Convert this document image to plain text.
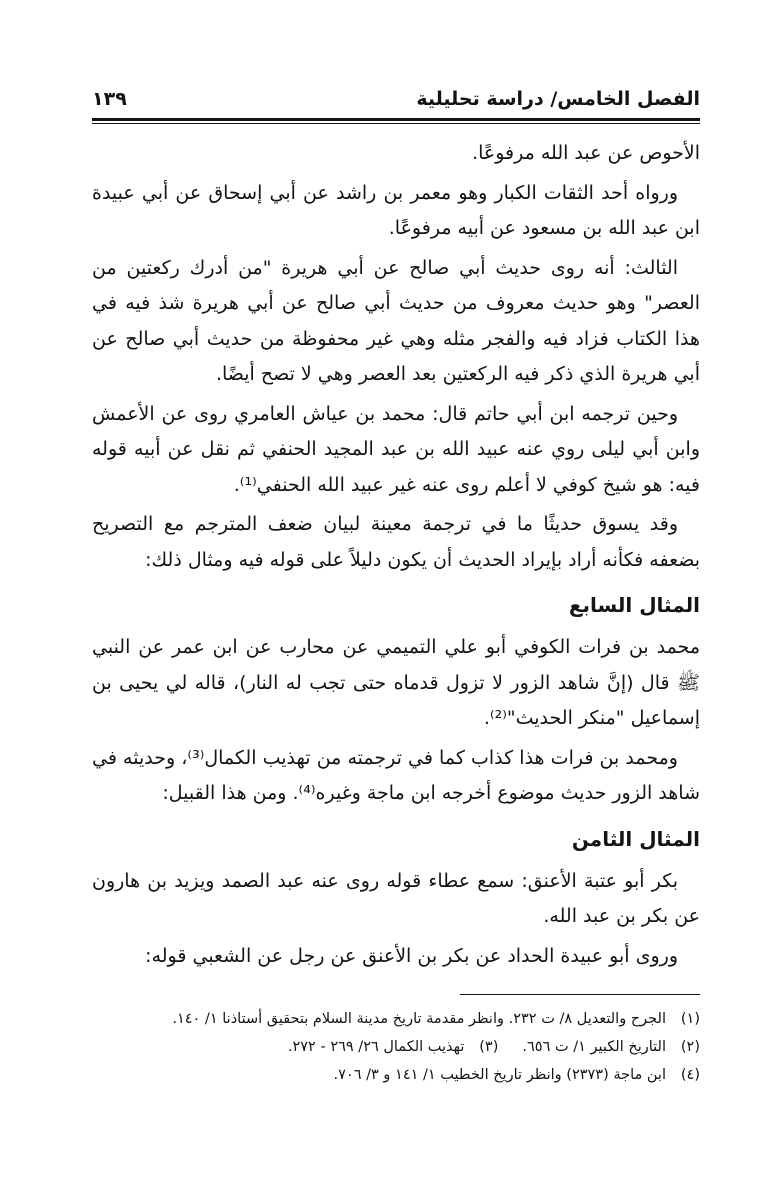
الفصل الخامس/ دراسة تحليلية
١٣٩

الأحوص عن عبد الله مرفوعًا.

ورواه أحد الثقات الكبار وهو معمر بن راشد عن أبي إسحاق عن أبي عبيدة ابن عبد الله بن مسعود عن أبيه مرفوعًا.

الثالث: أنه روى حديث أبي صالح عن أبي هريرة "من أدرك ركعتين من العصر" وهو حديث معروف من حديث أبي صالح عن أبي هريرة شذ فيه في هذا الكتاب فزاد فيه والفجر مثله وهي غير محفوظة من حديث أبي صالح عن أبي هريرة الذي ذكر فيه الركعتين بعد العصر وهي لا تصح أيضًا.

وحين ترجمه ابن أبي حاتم قال: محمد بن عياش العامري روى عن الأعمش وابن أبي ليلى روي عنه عبيد الله بن عبد المجيد الحنفي ثم نقل عن أبيه قوله فيه: هو شيخ كوفي لا أعلم روى عنه غير عبيد الله الحنفي⁽¹⁾.

وقد يسوق حديثًا ما في ترجمة معينة لبيان ضعف المترجم مع التصريح بضعفه فكأنه أراد بإيراد الحديث أن يكون دليلاً على قوله فيه ومثال ذلك:

المثال السابع

محمد بن فرات الكوفي أبو علي التميمي عن محارب عن ابن عمر عن النبي ﷺ قال (إنَّ شاهد الزور لا تزول قدماه حتى تجب له النار)، قاله لي يحيى بن إسماعيل "منكر الحديث"⁽²⁾.

ومحمد بن فرات هذا كذاب كما في ترجمته من تهذيب الكمال⁽³⁾، وحديثه في شاهد الزور حديث موضوع أخرجه ابن ماجة وغيره⁽⁴⁾. ومن هذا القبيل:

المثال الثامن

بكر أبو عتبة الأعنق: سمع عطاء قوله روى عنه عبد الصمد ويزيد بن هارون عن بكر بن عبد الله.

وروى أبو عبيدة الحداد عن بكر بن الأعنق عن رجل عن الشعبي قوله:

(١)الجرح والتعديل ٨/ ت ٢٣٢. وانظر مقدمة تاريخ مدينة السلام بتحقيق أستاذنا ١/ ١٤٠.
(٢)التاريخ الكبير ١/ ت ٦٥٦.(٣)تهذيب الكمال ٢٦/ ٢٦٩ - ٢٧٢.
(٤)ابن ماجة (٢٣٧٣) وانظر تاريخ الخطيب ١/ ١٤١ و ٣/ ٧٠٦.
